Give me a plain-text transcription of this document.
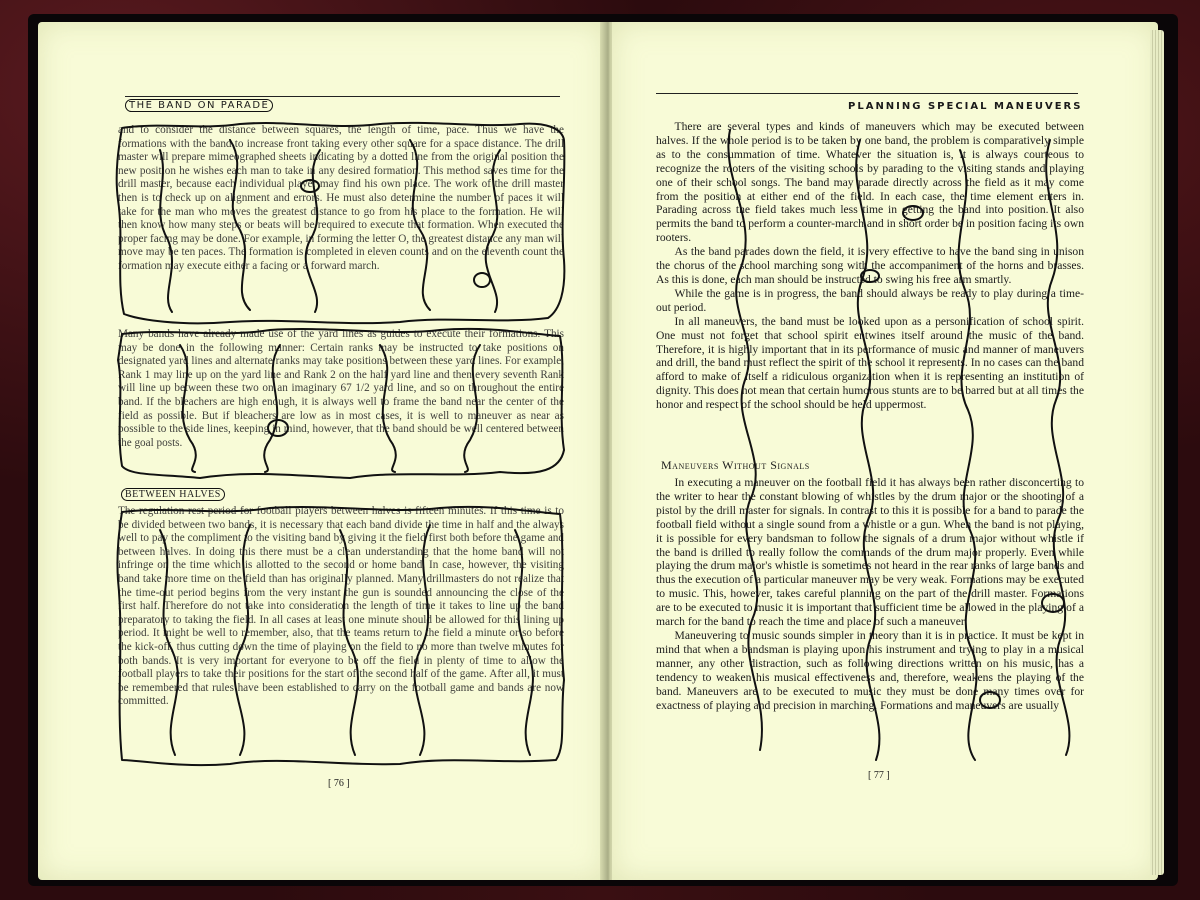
THE BAND ON PARADE
and to consider the distance between squares, the length of time, pace. Thus we have the formations with the band to increase front taking every other square for a space distance. The drill master will prepare mimeographed sheets indicating by a dotted line from the original position the new position he wishes each man to take in any desired formation. This method saves time for the drill master, because each individual player may find his own place. The work of the drill master then is to check up on alignment and errors. He must also determine the number of paces it will take for the man who moves the greatest distance to go from his place to the formation. He will then know how many steps or beats will be required to execute that formation. When executed the proper facing may be done. For example, in forming the letter O, the greatest distance any man will move may be ten paces. The formation is completed in eleven counts and on the eleventh count the formation may execute either a facing or a forward march.
Many bands have already made use of the yard lines as guides to execute their formations. This may be done in the following manner: Certain ranks may be instructed to take positions on designated yard lines and alternate ranks may take positions between these yard lines. For example, Rank 1 may line up on the yard line and Rank 2 on the half yard line and then every seventh Rank will line up between these two on an imaginary 67 1/2 yard line, and so on throughout the entire band. If the bleachers are high enough, it is always well to frame the band near the center of the field as possible. But if bleachers are low as in most cases, it is well to maneuver as near as possible to the side lines, keeping in mind, however, that the band should be well centered between the goal posts.
BETWEEN HALVES
The regulation rest period for football players between halves is fifteen minutes. If this time is to be divided between two bands, it is necessary that each band divide the time in half and the always well to pay the compliment to the visiting band by giving it the field first both before the game and between halves. In doing this there must be a clean understanding that the home band will not infringe on the time which is allotted to the second or home band. In case, however, the visiting band take more time on the field than has originally planned. Many drillmasters do not realize that the time-out period begins from the very instant the gun is sounded announcing the close of the first half. Therefore do not take into consideration the length of time it takes to line up the band preparatory to taking the field. In all cases at least one minute should be allowed for this lining up period. It might be well to remember, also, that the teams return to the field a minute or so before the kick-off, thus cutting down the time of playing on the field to no more than twelve minutes for both bands. It is very important for everyone to be off the field in plenty of time to allow the football players to take their positions for the start of the second half of the game. After all, it must be remembered that rules have been established to carry on the football game and bands are now committed.
[ 76 ]
PLANNING SPECIAL MANEUVERS

There are several types and kinds of maneuvers which may be executed between halves. If the whole period is to be taken by one band, the problem is comparatively simple as to the consummation of time. Whatever the situation is, it is always courteous to recognize the rooters of the visiting schools by parading to the visiting stands and playing one of their school songs. The band may parade directly across the field as it may come from the position at either end of the field. In each case, the time element enters in. Parading across the field takes much less time in getting the band into position. It also permits the band to perform a counter-march and in short order be in position facing its own rooters.

As the band parades down the field, it is very effective to have the band sing in unison the chorus of the school marching song with the accompaniment of the horns and brasses. As this is done, each man should be instructed to swing his free arm smartly.

While the game is in progress, the band should always be ready to play during a time-out period.

In all maneuvers, the band must be looked upon as a personification of school spirit. One must not forget that school spirit entwines itself around the music of the band. Therefore, it is highly important that in its performance of music and manner of maneuvers and drill, the band must reflect the spirit of the school it represents. In no cases can the band afford to make of itself a ridiculous organization when it is representing an institution of dignity. This does not mean that certain humorous stunts are to be barred but at all times the honor and respect of the school should be held uppermost.

Maneuvers Without Signals

In executing a maneuver on the football field it has always been rather disconcerting to the writer to hear the constant blowing of whistles by the drum major or the shooting of a pistol by the drill master for signals. In contrast to this it is possible for a band to parade the football field without a single sound from a whistle or a gun. When the band is not playing, it is possible for every bandsman to follow the signals of a drum major without whistle if the band is drilled to really follow the commands of the drum major properly. Even while playing the drum major's whistle is sometimes not heard in the rear ranks of large bands and thus the execution of a particular maneuver may be very weak. Formations may be executed to music. This, however, takes careful planning on the part of the drill master. Formations are to be executed to music it is important that sufficient time be allowed in the playing of a march for the band to reach the time and place of such a maneuver.

Maneuvering to music sounds simpler in theory than it is in practice. It must be kept in mind that when a bandsman is playing upon his instrument and trying to play in a musical manner, any other distraction, such as following directions written on his music, has a tendency to weaken his musical effectiveness and, therefore, weakens the playing of the band. Maneuvers are to be executed to music they must be done many times over for exactness of playing and precision in marching. Formations and maneuvers are usually

[ 77 ]
